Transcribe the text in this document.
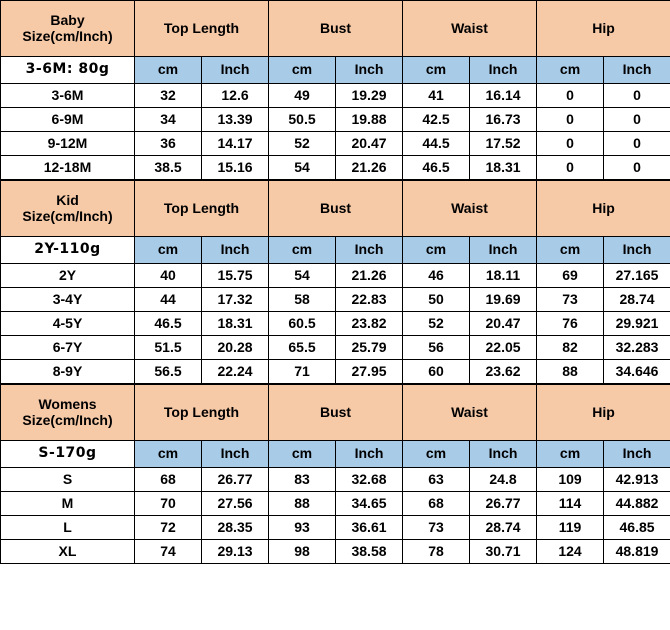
Baby
Size(cm/Inch)	Top Length		Bust		Waist		Hip	
3-6M: 80g	cm	Inch	cm	Inch	cm	Inch	cm	Inch
3-6M	32	12.6	49	19.29	41	16.14	0	0
6-9M	34	13.39	50.5	19.88	42.5	16.73	0	0
9-12M	36	14.17	52	20.47	44.5	17.52	0	0
12-18M	38.5	15.16	54	21.26	46.5	18.31	0	0
Kid
Size(cm/Inch)	Top Length		Bust		Waist		Hip	
2Y-110g	cm	Inch	cm	Inch	cm	Inch	cm	Inch
2Y	40	15.75	54	21.26	46	18.11	69	27.165
3-4Y	44	17.32	58	22.83	50	19.69	73	28.74
4-5Y	46.5	18.31	60.5	23.82	52	20.47	76	29.921
6-7Y	51.5	20.28	65.5	25.79	56	22.05	82	32.283
8-9Y	56.5	22.24	71	27.95	60	23.62	88	34.646
Womens
Size(cm/Inch)	Top Length		Bust		Waist		Hip	
S-170g	cm	Inch	cm	Inch	cm	Inch	cm	Inch
S	68	26.77	83	32.68	63	24.8	109	42.913
M	70	27.56	88	34.65	68	26.77	114	44.882
L	72	28.35	93	36.61	73	28.74	119	46.85
XL	74	29.13	98	38.58	78	30.71	124	48.819
